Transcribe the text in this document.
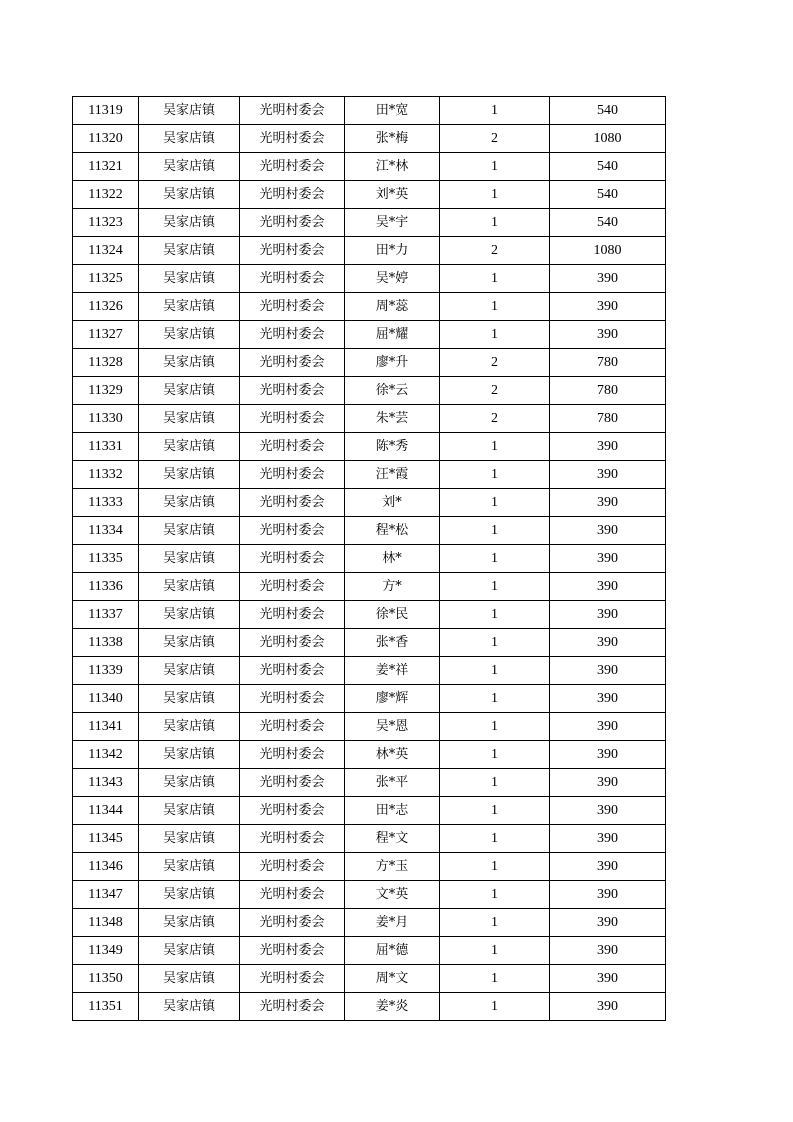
11319	吴家店镇	光明村委会	田*宽	1	540
11320	吴家店镇	光明村委会	张*梅	2	1080
11321	吴家店镇	光明村委会	江*林	1	540
11322	吴家店镇	光明村委会	刘*英	1	540
11323	吴家店镇	光明村委会	吴*宇	1	540
11324	吴家店镇	光明村委会	田*力	2	1080
11325	吴家店镇	光明村委会	吴*婷	1	390
11326	吴家店镇	光明村委会	周*蕊	1	390
11327	吴家店镇	光明村委会	屈*耀	1	390
11328	吴家店镇	光明村委会	廖*升	2	780
11329	吴家店镇	光明村委会	徐*云	2	780
11330	吴家店镇	光明村委会	朱*芸	2	780
11331	吴家店镇	光明村委会	陈*秀	1	390
11332	吴家店镇	光明村委会	汪*霞	1	390
11333	吴家店镇	光明村委会	刘*	1	390
11334	吴家店镇	光明村委会	程*松	1	390
11335	吴家店镇	光明村委会	林*	1	390
11336	吴家店镇	光明村委会	方*	1	390
11337	吴家店镇	光明村委会	徐*民	1	390
11338	吴家店镇	光明村委会	张*香	1	390
11339	吴家店镇	光明村委会	姜*祥	1	390
11340	吴家店镇	光明村委会	廖*辉	1	390
11341	吴家店镇	光明村委会	吴*恩	1	390
11342	吴家店镇	光明村委会	林*英	1	390
11343	吴家店镇	光明村委会	张*平	1	390
11344	吴家店镇	光明村委会	田*志	1	390
11345	吴家店镇	光明村委会	程*文	1	390
11346	吴家店镇	光明村委会	方*玉	1	390
11347	吴家店镇	光明村委会	文*英	1	390
11348	吴家店镇	光明村委会	姜*月	1	390
11349	吴家店镇	光明村委会	屈*德	1	390
11350	吴家店镇	光明村委会	周*文	1	390
11351	吴家店镇	光明村委会	姜*炎	1	390
